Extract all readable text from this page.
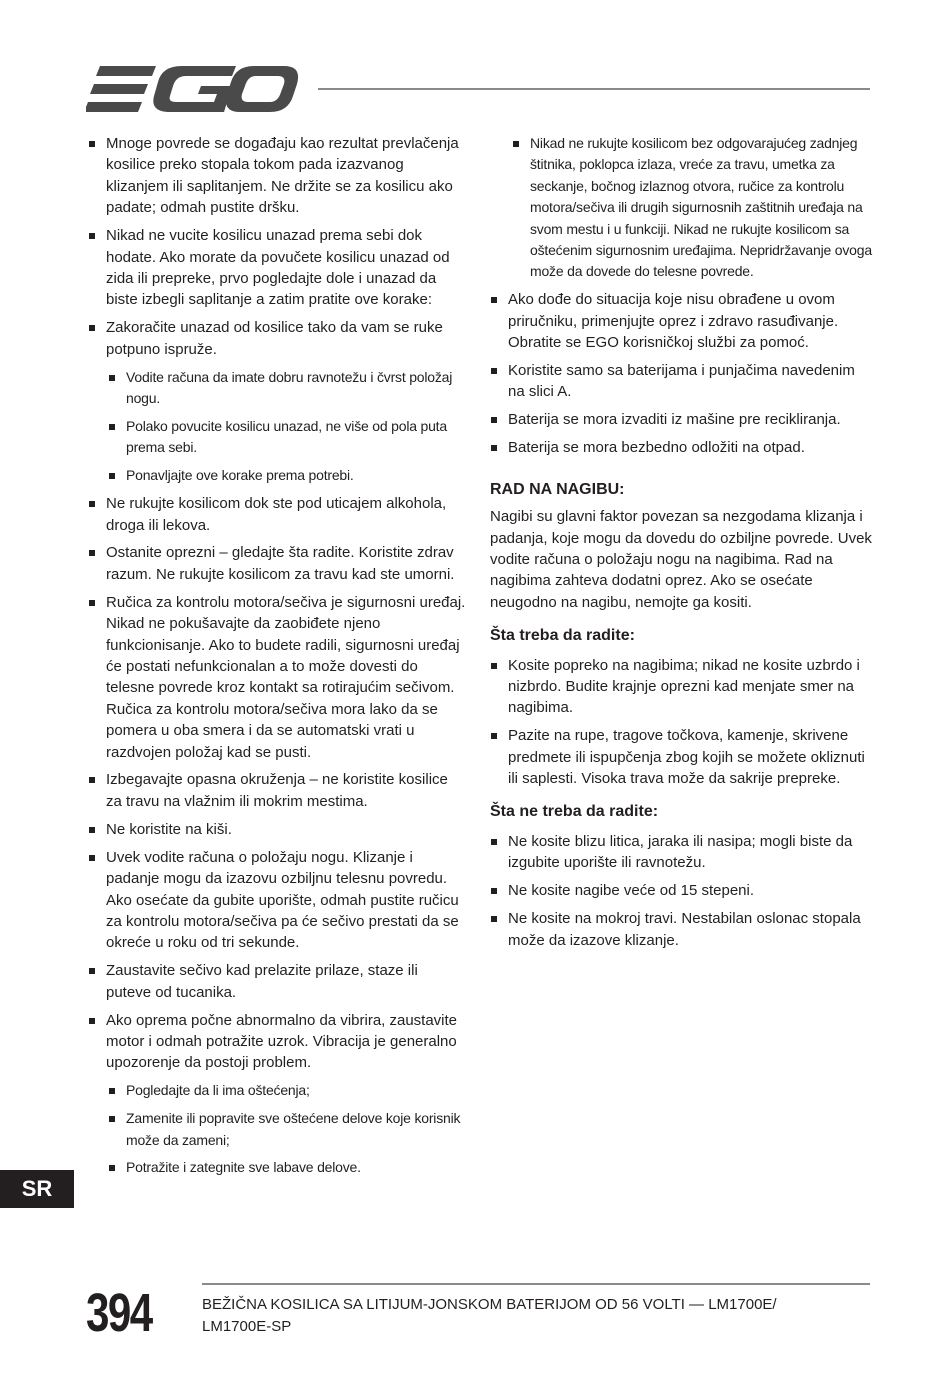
Mnoge povrede se događaju kao rezultat prevlačenja kosilice preko stopala tokom pada izazvanog klizanjem ili saplitanjem. Ne držite se za kosilicu ako padate; odmah pustite dršku.
Nikad ne vucite kosilicu unazad prema sebi dok hodate. Ako morate da povučete kosilicu unazad od zida ili prepreke, prvo pogledajte dole i unazad da biste izbegli saplitanje a zatim pratite ove korake:
Zakoračite unazad od kosilice tako da vam se ruke potpuno ispruže.
Vodite računa da imate dobru ravnotežu i čvrst položaj nogu.
Polako povucite kosilicu unazad, ne više od pola puta prema sebi.
Ponavljajte ove korake prema potrebi.
Ne rukujte kosilicom dok ste pod uticajem alkohola, droga ili lekova.
Ostanite oprezni – gledajte šta radite. Koristite zdrav razum. Ne rukujte kosilicom za travu kad ste umorni.
Ručica za kontrolu motora/sečiva je sigurnosni uređaj. Nikad ne pokušavajte da zaobiđete njeno funkcionisanje. Ako to budete radili, sigurnosni uređaj će postati nefunkcionalan a to može dovesti do telesne povrede kroz kontakt sa rotirajućim sečivom. Ručica za kontrolu motora/sečiva mora lako da se pomera u oba smera i da se automatski vrati u razdvojen položaj kad se pusti.
Izbegavajte opasna okruženja – ne koristite kosilice za travu na vlažnim ili mokrim mestima.
Ne koristite na kiši.
Uvek vodite računa o položaju nogu. Klizanje i padanje mogu da izazovu ozbiljnu telesnu povredu. Ako osećate da gubite uporište, odmah pustite ručicu za kontrolu motora/sečiva pa će sečivo prestati da se okreće u roku od tri sekunde.
Zaustavite sečivo kad prelazite prilaze, staze ili puteve od tucanika.
Ako oprema počne abnormalno da vibrira, zaustavite motor i odmah potražite uzrok. Vibracija je generalno upozorenje da postoji problem.
Pogledajte da li ima oštećenja;
Zamenite ili popravite sve oštećene delove koje korisnik može da zameni;
Potražite i zategnite sve labave delove.
Nikad ne rukujte kosilicom bez odgovarajućeg zadnjeg štitnika, poklopca izlaza, vreće za travu, umetka za seckanje, bočnog izlaznog otvora, ručice za kontrolu motora/sečiva ili drugih sigurnosnih zaštitnih uređaja na svom mestu i u funkciji. Nikad ne rukujte kosilicom sa oštećenim sigurnosnim uređajima. Nepridržavanje ovoga može da dovede do telesne povrede.
Ako dođe do situacija koje nisu obrađene u ovom priručniku, primenjujte oprez i zdravo rasuđivanje. Obratite se EGO korisničkoj službi za pomoć.
Koristite samo sa baterijama i punjačima navedenim na slici A.
Baterija se mora izvaditi iz mašine pre recikliranja.
Baterija se mora bezbedno odložiti na otpad.
RAD NA NAGIBU:

Nagibi su glavni faktor povezan sa nezgodama klizanja i padanja, koje mogu da dovedu do ozbiljne povrede. Uvek vodite računa o položaju nogu na nagibima. Rad na nagibima zahteva dodatni oprez. Ako se osećate neugodno na nagibu, nemojte ga kositi.

Šta treba da radite:
Kosite popreko na nagibima; nikad ne kosite uzbrdo i nizbrdo. Budite krajnje oprezni kad menjate smer na nagibima.
Pazite na rupe, tragove točkova, kamenje, skrivene predmete ili ispupčenja zbog kojih se možete okliznuti ili saplesti. Visoka trava može da sakrije prepreke.
Šta ne treba da radite:
Ne kosite blizu litica, jaraka ili nasipa; mogli biste da izgubite uporište ili ravnotežu.
Ne kosite nagibe veće od 15 stepeni.
Ne kosite na mokroj travi. Nestabilan oslonac stopala može da izazove klizanje.
SR
394	BEŽIČNA KOSILICA SA LITIJUM-JONSKOM BATERIJOM OD 56 VOLTI — LM1700E/
LM1700E-SP
